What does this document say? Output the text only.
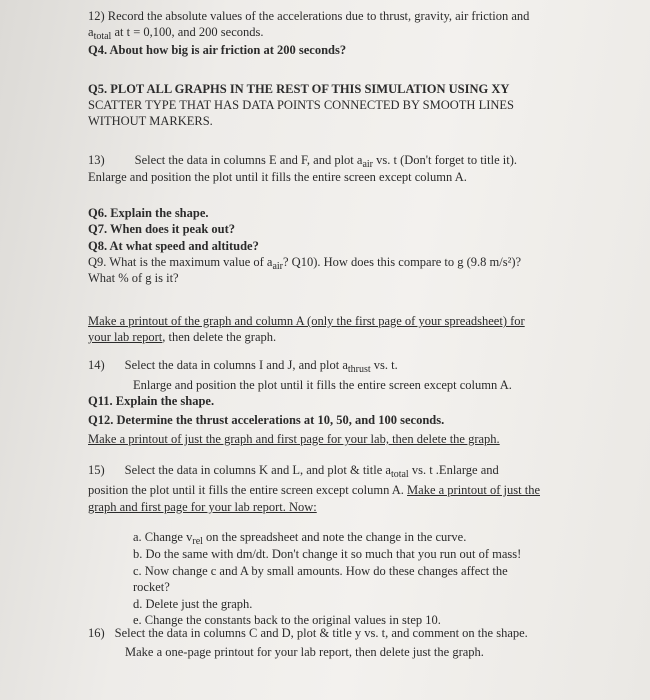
12) Record the absolute values of the accelerations due to thrust, gravity, air friction and
$a_{total}$ at t = 0,100, and 200 seconds.
Q4. About how big is air friction at 200 seconds?
Q5. PLOT ALL GRAPHS IN THE REST OF THIS SIMULATION USING XY
SCATTER TYPE THAT HAS DATA POINTS CONNECTED BY SMOOTH LINES
WITHOUT MARKERS.
13) Select the data in columns E and F, and plot $a_{air}$ vs. t (Don't forget to title it).
Enlarge and position the plot until it fills the entire screen except column A.
Q6. Explain the shape.
Q7. When does it peak out?
Q8. At what speed and altitude?
Q9. What is the maximum value of $a_{air}$? Q10). How does this compare to g (9.8 m/s²)?
What % of g is it?
Make a printout of the graph and column A (only the first page of your spreadsheet) for
your lab report, then delete the graph.
14) Select the data in columns I and J, and plot $a_{thrust}$ vs. t.
Enlarge and position the plot until it fills the entire screen except column A.
Q11. Explain the shape.
Q12. Determine the thrust accelerations at 10, 50, and 100 seconds.
Make a printout of just the graph and first page for your lab, then delete the graph.
15) Select the data in columns K and L, and plot & title $a_{total}$ vs. t .Enlarge and
position the plot until it fills the entire screen except column A. Make a printout of just the
graph and first page for your lab report. Now:
a. Change $v_{rel}$ on the spreadsheet and note the change in the curve.
b. Do the same with dm/dt. Don't change it so much that you run out of mass!
c. Now change c and A by small amounts. How do these changes affect the
rocket?
d. Delete just the graph.
e. Change the constants back to the original values in step 10.
16) Select the data in columns C and D, plot & title y vs. t, and comment on the shape.
Make a one-page printout for your lab report, then delete just the graph.
